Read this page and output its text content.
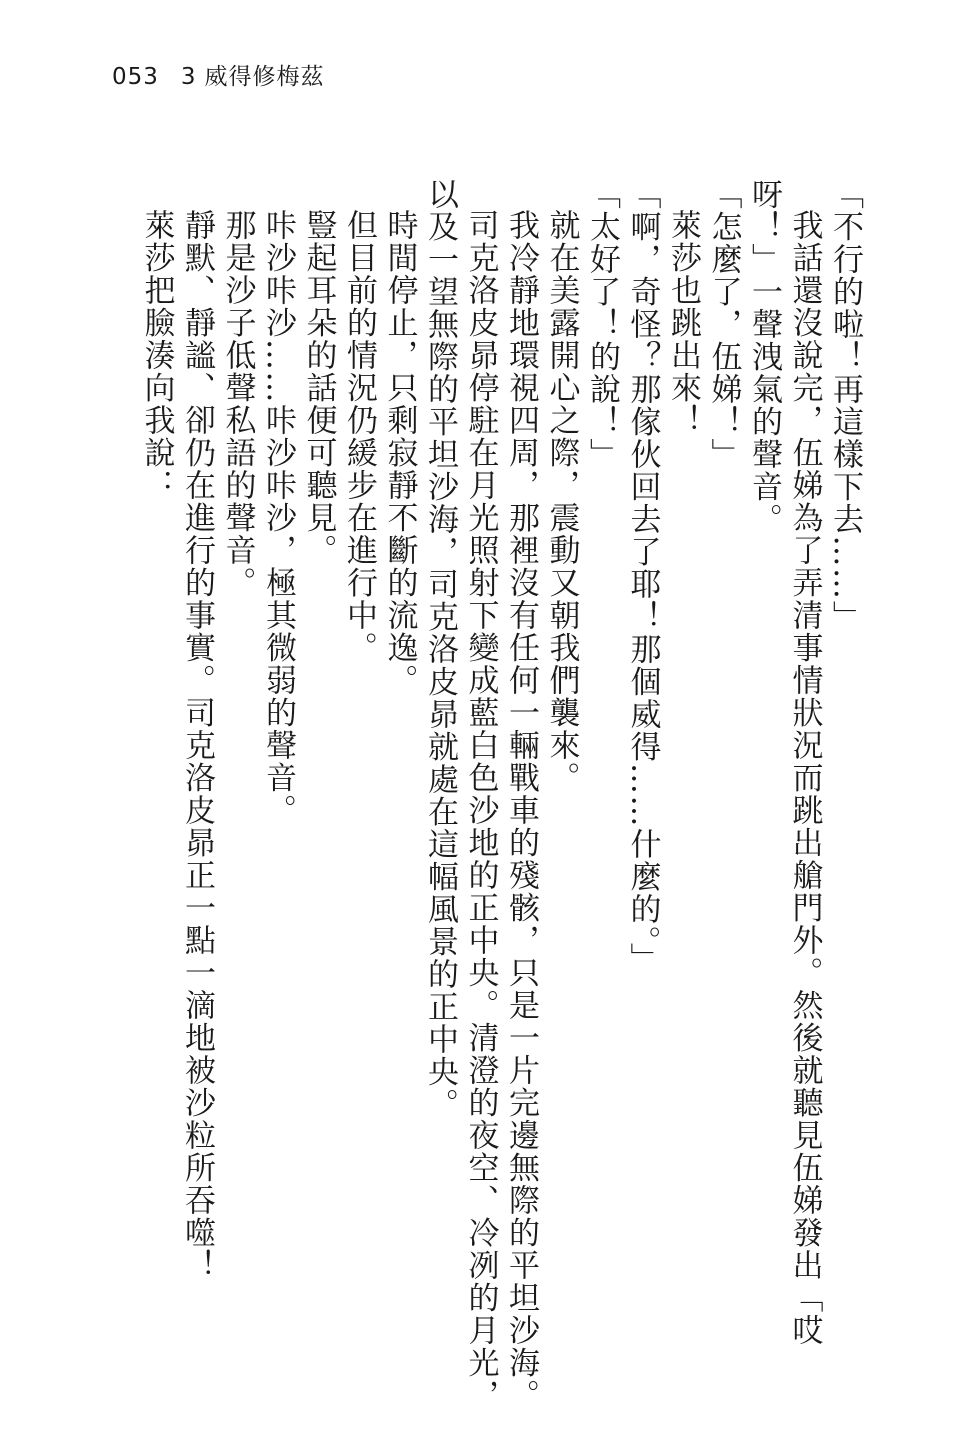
053 3 威得修梅茲

「不行的啦！再這樣下去……」

我話還沒說完，伍娣為了弄清事情狀況而跳出艙門外。然後就聽見伍娣發出「哎呀！」一聲洩氣的聲音。

「怎麼了，伍娣！」

萊莎也跳出來！

「啊，奇怪？那傢伙回去了耶！那個威得……什麼的。」

「太好了！的說！」

就在美露開心之際，震動又朝我們襲來。

我冷靜地環視四周，那裡沒有任何一輛戰車的殘骸，只是一片完邊無際的平坦沙海。

司克洛皮昴停駐在月光照射下變成藍白色沙地的正中央。清澄的夜空、冷冽的月光，以及一望無際的平坦沙海，司克洛皮昴就處在這幅風景的正中央。

時間停止，只剩寂靜不斷的流逸。

但目前的情況仍緩步在進行中。

豎起耳朵的話便可聽見。

咔沙咔沙……咔沙咔沙，極其微弱的聲音。

那是沙子低聲私語的聲音。

靜默、靜謐、卻仍在進行的事實。司克洛皮昴正一點一滴地被沙粒所吞噬！

萊莎把臉湊向我說：
